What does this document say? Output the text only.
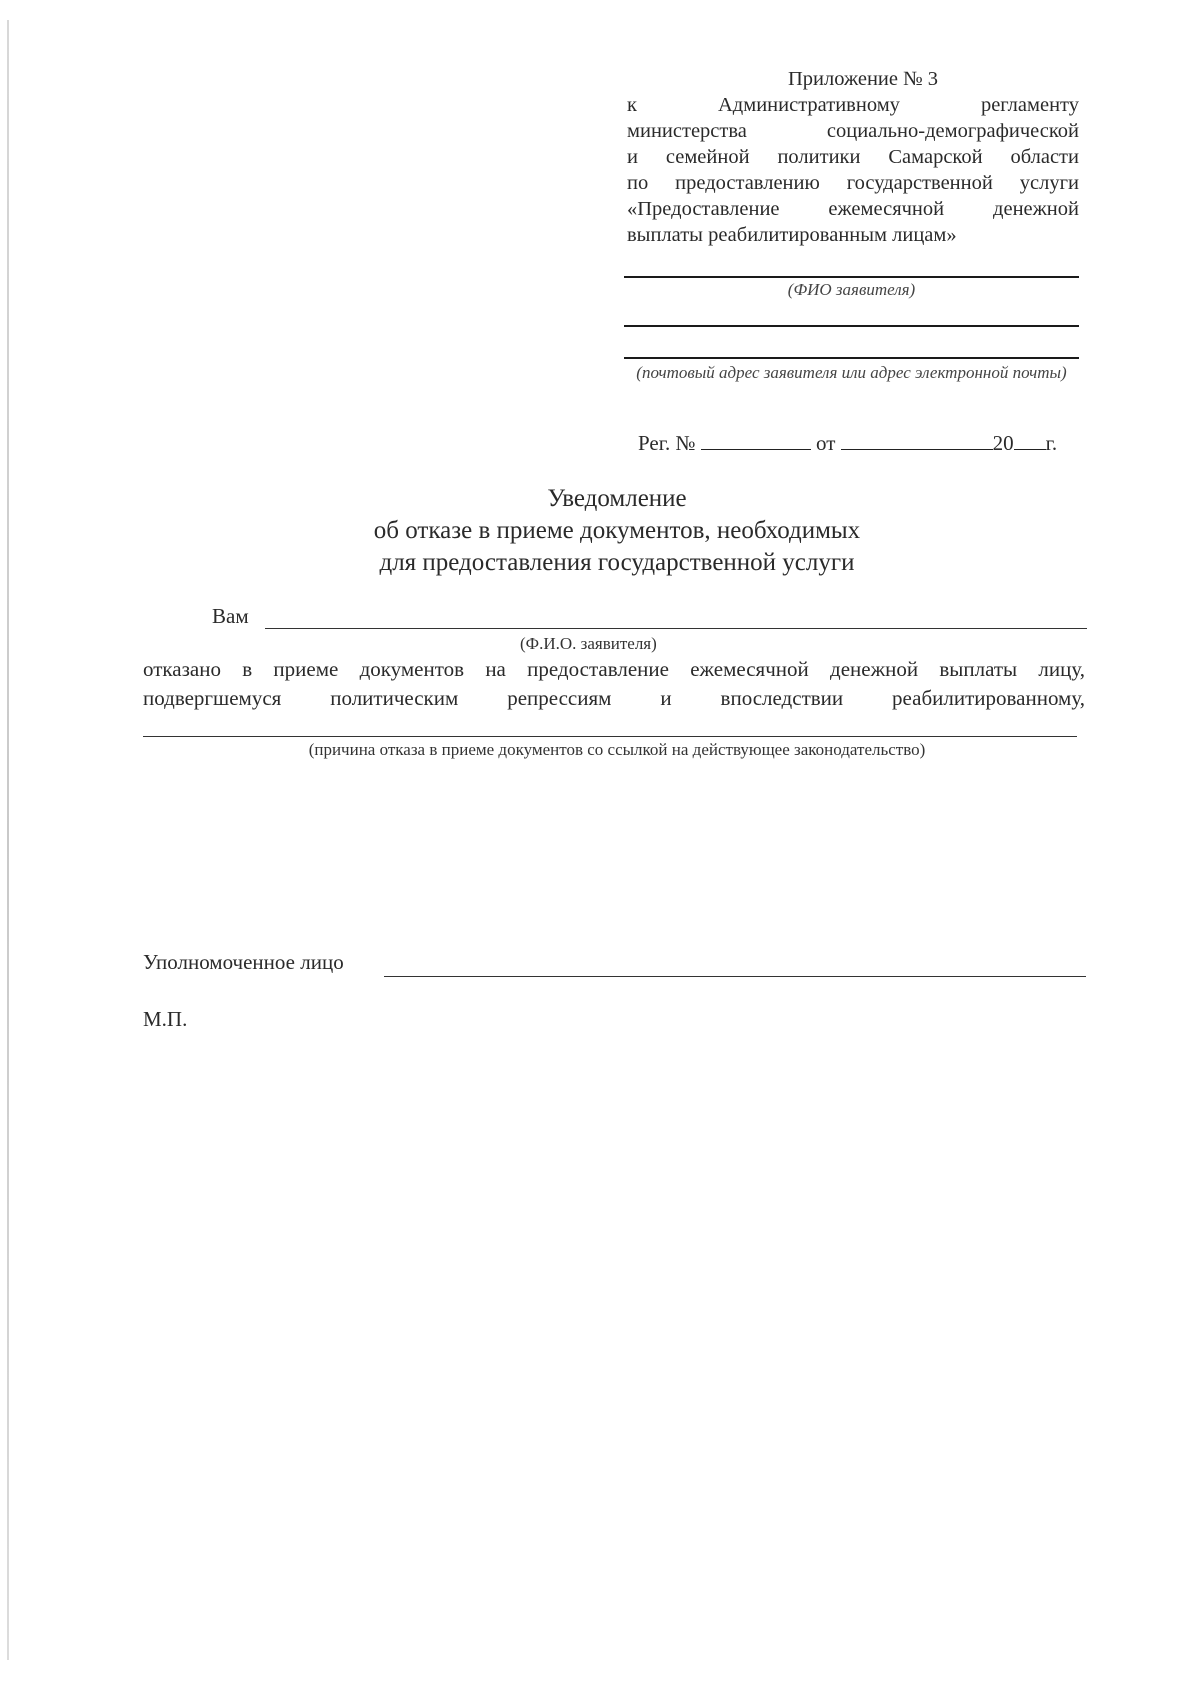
Приложение № 3
к Административному регламенту
министерства социально-демографической
и семейной политики Самарской области
по предоставлению государственной услуги
«Предоставление ежемесячной денежной
выплаты реабилитированным лицам»
(ФИО заявителя)
(почтовый адрес заявителя или адрес электронной почты)
Рег. №	от	20 г.
Уведомление
об отказе в приеме документов, необходимых
для предоставления государственной услуги
Вам
(Ф.И.О. заявителя)
отказано в приеме документов на предоставление ежемесячной денежной выплаты лицу,
подвергшемуся политическим репрессиям и впоследствии реабилитированному,
(причина отказа в приеме документов со ссылкой на действующее законодательство)
Уполномоченное лицо
М.П.
